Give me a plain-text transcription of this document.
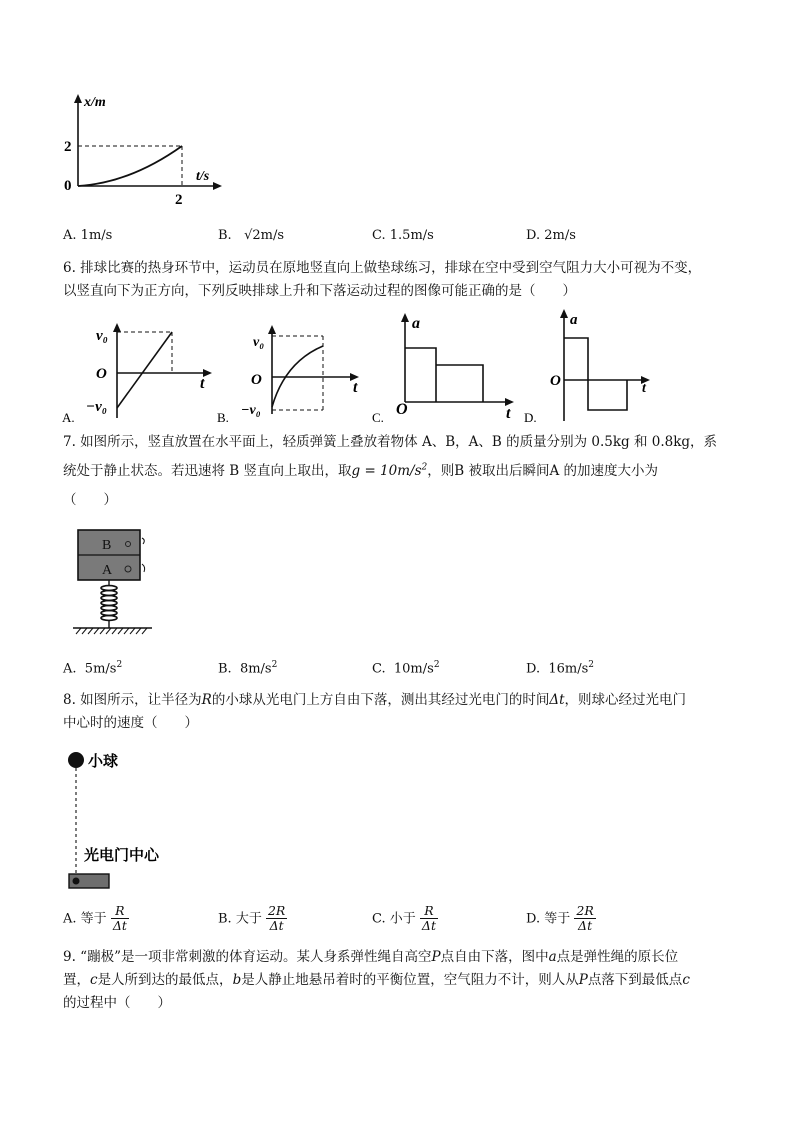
x/m
2
0
t/s
2
A. 1m/s	B. √2m/s	C. 1.5m/s	D. 2m/s
6. 排球比赛的热身环节中，运动员在原地竖直向上做垫球练习，排球在空中受到空气阻力大小可视为不变，
以竖直向下为正方向，下列反映排球上升和下落运动过程的图像可能正确的是（　　）
v₀
O
−v₀
t
A.
v₀
O
−v₀
t
B.
a
O	t
C.
a
O	t
D.
7. 如图所示，竖直放置在水平面上，轻质弹簧上叠放着物体 A、B，A、B 的质量分别为 0.5kg 和 0.8kg，系
统处于静止状态。若迅速将 B 竖直向上取出，取$g = 10m/s^2$，则B 被取出后瞬间A 的加速度大小为
（　　）
B
A
A. $5m/s^2$	B. $8m/s^2$	C. $10m/s^2$	D. $16m/s^2$
8. 如图所示，让半径为R的小球从光电门上方自由下落，测出其经过光电门的时间Δt，则球心经过光电门
中心时的速度（　　）
小球
光电门中心
A. 等于 $\frac{R}{\Delta t}$	B. 大于 $\frac{2R}{\Delta t}$	C. 小于 $\frac{R}{\Delta t}$	D. 等于 $\frac{2R}{\Delta t}$
9. “蹦极”是一项非常刺激的体育运动。某人身系弹性绳自高空P点自由下落，图中a点是弹性绳的原长位
置，c是人所到达的最低点，b是人静止地悬吊着时的平衡位置，空气阻力不计，则人从P点落下到最低点c
的过程中（　　）
